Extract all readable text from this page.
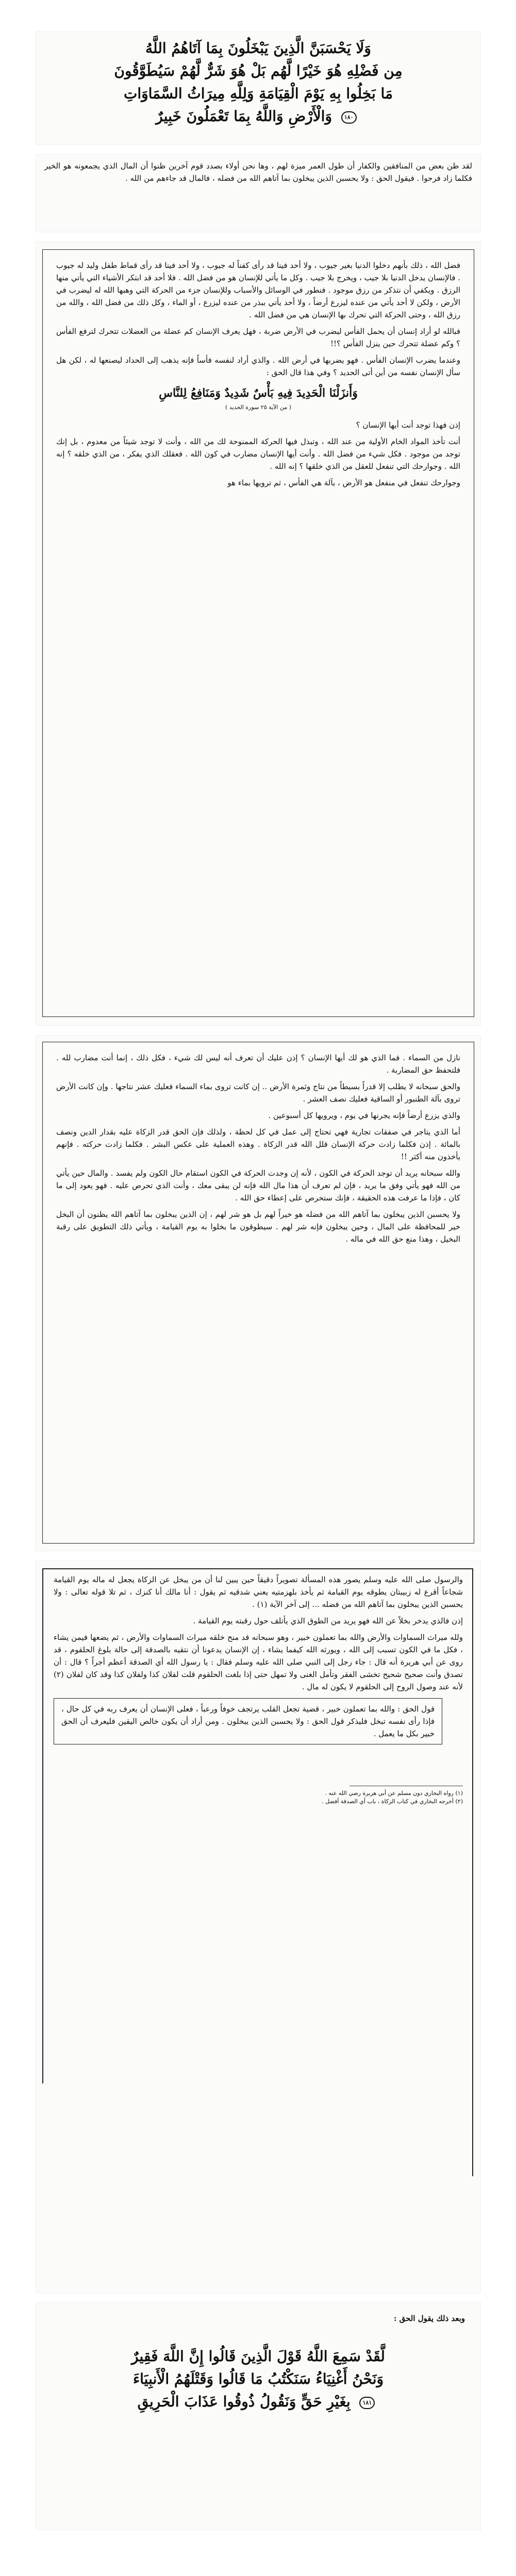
وَلَا يَحْسَبَنَّ الَّذِينَ يَبْخَلُونَ بِمَا آتَاهُمُ اللَّهُ

مِن فَضْلِهِ هُوَ خَيْرًا لَّهُم بَلْ هُوَ شَرٌّ لَّهُمْ سَيُطَوَّقُونَ

مَا بَخِلُوا بِهِ يَوْمَ الْقِيَامَةِ وَلِلَّهِ مِيرَاثُ السَّمَاوَاتِ

١٨٠ وَالْأَرْضِ وَاللَّهُ بِمَا تَعْمَلُونَ خَبِيرٌ

لقد ظن بعض من المنافقين والكفار أن طول العمر ميزة لهم ، وها نحن أولاء بصدد قوم آخرين ظنوا أن المال الذي يجمعونه هو الخير فكلما زاد فرحوا . فيقول الحق : ولا يحسبن الذين يبخلون بما آتاهم الله من فضله ، فالمال قد جاءهم من الله .

فضل الله ، ذلك بأنهم دخلوا الدنيا بغير جيوب ، ولا أحد فينا قد رأى كفناً له جيوب ، ولا أحد فينا قد رأى قماط طفل وليد له جيوب . فالإنسان يدخل الدنيا بلا جيب ، ويخرج بلا جيب . وكل ما يأتي للإنسان هو من فضل الله . فلا أحد قد ابتكر الأشياء التي يأتي منها الرزق . ويكفي أن نتذكر من رزق موجود . فنطور في الوسائل والأسباب وللإنسان جزء من الحركة التي وهبها الله له ليضرب في الأرض ، ولكن لا أحد يأتي من عنده ليزرع أرضاً ، ولا أحد يأتي ببذر من عنده ليزرع ، أو الماء ، وكل ذلك من فضل الله ، والله من رزق الله ، وحتى الحركة التي تحرك بها الإنسان هي من فضل الله .

فبالله لو أراد إنسان أن يحمل الفأس ليضرب في الأرض ضربة ، فهل يعرف الإنسان كم عضلة من العضلات تتحرك لترفع الفأس ؟ وكم عضلة تتحرك حين ينزل الفأس ؟!!

وعندما يضرب الإنسان الفأس . فهو يضربها في أرض الله . والذي أراد لنفسه فأساً فإنه يذهب إلى الحداد ليصنعها له ، لكن هل سأل الإنسان نفسه من أين أتى الحديد ؟ وفي هذا قال الحق :

وَأَنزَلْنَا الْحَدِيدَ فِيهِ بَأْسٌ شَدِيدٌ وَمَنَافِعُ لِلنَّاسِ

( من الآية ٢٥ سورة الحديد )

إذن فهذا توجد أنت أيها الإنسان ؟

أنت تأخذ المواد الخام الأولية من عند الله ، وتبذل فيها الحركة الممنوحة لك من الله ، وأنت لا توجد شيئاً من معدوم ، بل إنك توجد من موجود . فكل شيء من فضل الله . وأنت أيها الإنسان مضارب في كون الله . فعقلك الذي يفكر ، من الذي خلقه ؟ إنه الله . وجوارحك التي تنفعل للعقل من الذي خلقها ؟ إنه الله .

وجوارحك تنفعل في منفعل هو الأرض ، بآلة هي الفأس ، ثم ترويها بماء هو

نازل من السماء . فما الذي هو لك أيها الإنسان ؟ إذن عليك أن تعرف أنه ليس لك شيء ، فكل ذلك ، إنما أنت مضارب لله . فلتحفظ حق المضاربة .

والحق سبحانه لا يطلب إلا قدراً بسيطاً من نتاج وثمرة الأرض .. إن كانت تروى بماء السماء فعليك عشر نتاجها . وإن كانت الأرض تروى بآلة الطنبور أو الساقية فعليك نصف العشر .

والذي يزرع أرضاً فإنه يجرنها في يوم ، ويرويها كل أسبوعين .

أما الذي يتاجر في صفقات تجارية فهي تحتاج إلى عمل في كل لحظة ، ولذلك فإن الحق قدر الزكاة عليه بقدار الدين ونصف بالمائة . إذن فكلما زادت حركة الإنسان قلل الله قدر الزكاة . وهذه العملية على عكس البشر . فكلما زادت حركته . فإنهم يأخذون منه أكثر !!

والله سبحانه يريد أن توجد الحركة في الكون ، لأنه إن وجدت الحركة في الكون استقام حال الكون ولم يفسد . والمال حين يأتي من الله فهو يأتي وفق ما يريد ، فإن لم تعرف أن هذا مال الله فإنه لن يبقى معك ، وأنت الذي تحرص عليه . فهو يعود إلى ما كان ، فإذا ما عرفت هذه الحقيقة ، فإنك ستحرص على إعطاء حق الله .

ولا يحسبن الذين يبخلون بما آتاهم الله من فضله هو خيراً لهم بل هو شر لهم ، إن الذين يبخلون بما آتاهم الله يظنون أن البخل خير للمحافظة على المال ، وحين يبخلون فإنه شر لهم . سيطوقون ما بخلوا به يوم القيامة ، ويأتي ذلك التطويق على رقبة البخيل ، وهذا منع حق الله في ماله .

والرسول صلى الله عليه وسلم يصور هذه المسألة تصويراً دقيقاً حين يبين لنا أن من يبخل عن الزكاة يجعل له ماله يوم القيامة شجاعاً أقرع له زبيبتان يطوقه يوم القيامة ثم يأخذ بلهزمتيه يعني شدقيه ثم يقول : أنا مالك أنا كنزك ، ثم تلا قوله تعالى : ولا يحسبن الذين يبخلون بما آتاهم الله من فضله ... إلى آخر الآية (١) .

إذن فالذي يدخر بخلاً عن الله فهو يريد من الطوق الذي يأتلف حول رقبته يوم القيامة .

ولله ميراث السماوات والأرض والله بما تعملون خبير ، وهو سبحانه قد منح خلقه ميراث السماوات والأرض ، ثم يضعها فيمن يشاء ، فكل ما في الكون تسبب إلى الله ، ويورثه الله كيفما يشاء ، إن الإنسان يدعونا أن نتقيه بالصدقة إلى حالة بلوغ الحلقوم ، قد روى عن أبي هريرة أنه قال : جاء رجل إلى النبي صلى الله عليه وسلم فقال : يا رسول الله أي الصدقة أعظم أجراً ؟ قال : أن تصدق وأنت صحيح شحيح تخشى الفقر وتأمل الغنى ولا تمهل حتى إذا بلغت الحلقوم قلت لفلان كذا ولفلان كذا وقد كان لفلان (٢) لأنه عند وصول الروح إلى الحلقوم لا يكون له مال .

قول الحق : والله بما تعملون خبير ، قضية تجعل القلب يرتجف خوفاً ورعباً ، فعلى الإنسان أن يعرف ربه في كل حال ، فإذا رأى نفسه تبخل فليذكر قول الحق : ولا يحسبن الذين يبخلون . ومن أراد أن يكون خالص اليقين فليعرف أن الحق خبير بكل ما يعمل .

(١) رواه البخاري دون مسلم عن أبي هريرة رضي الله عنه .

(٢) أخرجه البخاري في كتاب الزكاة ، باب أي الصدقة أفضل .

وبعد ذلك يقول الحق :

لَّقَدْ سَمِعَ اللَّهُ قَوْلَ الَّذِينَ قَالُوا إِنَّ اللَّهَ فَقِيرٌ

وَنَحْنُ أَغْنِيَاءُ سَنَكْتُبُ مَا قَالُوا وَقَتْلَهُمُ الْأَنبِيَاءَ

١٨١ بِغَيْرِ حَقٍّ وَنَقُولُ ذُوقُوا عَذَابَ الْحَرِيقِ
